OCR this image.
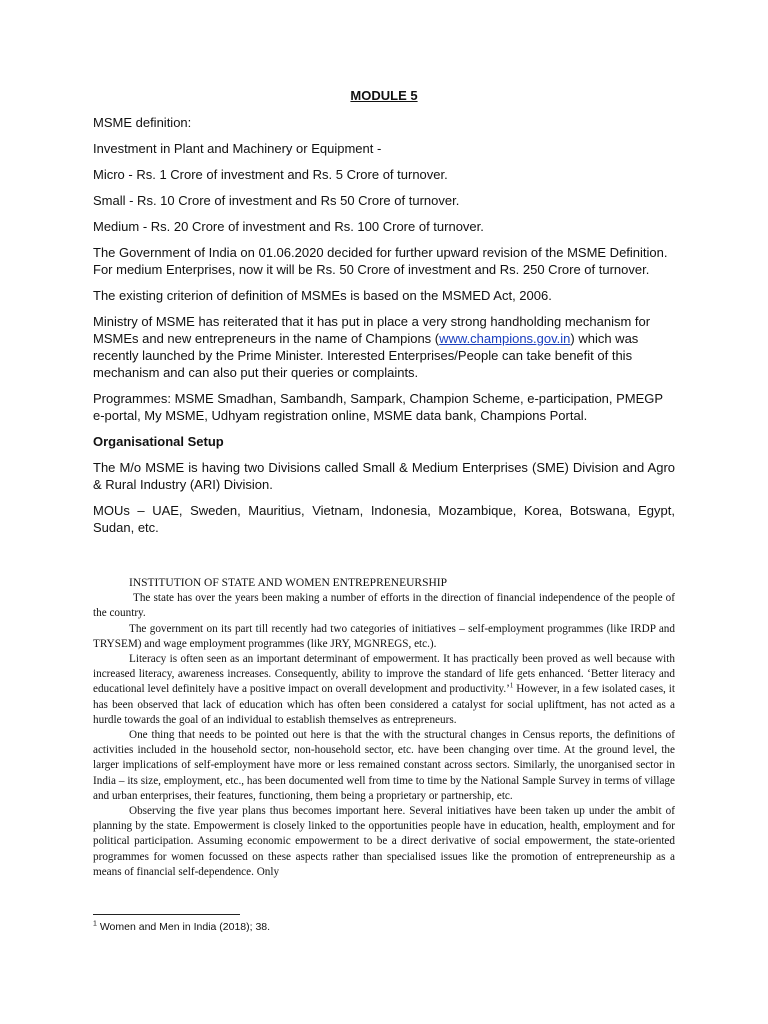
MODULE 5

MSME definition:

Investment in Plant and Machinery or Equipment -

Micro - Rs. 1 Crore of investment and Rs. 5 Crore of turnover.

Small - Rs. 10 Crore of investment and Rs 50 Crore of turnover.

Medium - Rs. 20 Crore of investment and Rs. 100 Crore of turnover.

The Government of India on 01.06.2020 decided for further upward revision of the MSME Definition. For medium Enterprises, now it will be Rs. 50 Crore of investment and Rs. 250 Crore of turnover.

The existing criterion of definition of MSMEs is based on the MSMED Act, 2006.

Ministry of MSME has reiterated that it has put in place a very strong handholding mechanism for MSMEs and new entrepreneurs in the name of Champions (www.champions.gov.in) which was recently launched by the Prime Minister. Interested Enterprises/People can take benefit of this mechanism and can also put their queries or complaints.

Programmes: MSME Smadhan, Sambandh, Sampark, Champion Scheme, e-participation, PMEGP e-portal, My MSME, Udhyam registration online, MSME data bank, Champions Portal.

Organisational Setup

The M/o MSME is having two Divisions called Small & Medium Enterprises (SME) Division and Agro & Rural Industry (ARI) Division.

MOUs – UAE, Sweden, Mauritius, Vietnam, Indonesia, Mozambique, Korea, Botswana, Egypt, Sudan, etc.

INSTITUTION OF STATE AND WOMEN ENTREPRENEURSHIP

The state has over the years been making a number of efforts in the direction of financial independence of the people of the country.

The government on its part till recently had two categories of initiatives – self-employment programmes (like IRDP and TRYSEM) and wage employment programmes (like JRY, MGNREGS, etc.).

Literacy is often seen as an important determinant of empowerment. It has practically been proved as well because with increased literacy, awareness increases. Consequently, ability to improve the standard of life gets enhanced. ‘Better literacy and educational level definitely have a positive impact on overall development and productivity.’$^1$ However, in a few isolated cases, it has been observed that lack of education which has often been considered a catalyst for social upliftment, has not acted as a hurdle towards the goal of an individual to establish themselves as entrepreneurs.

One thing that needs to be pointed out here is that the with the structural changes in Census reports, the definitions of activities included in the household sector, non-household sector, etc. have been changing over time. At the ground level, the larger implications of self-employment have more or less remained constant across sectors. Similarly, the unorganised sector in India – its size, employment, etc., has been documented well from time to time by the National Sample Survey in terms of village and urban enterprises, their features, functioning, them being a proprietary or partnership, etc.

Observing the five year plans thus becomes important here. Several initiatives have been taken up under the ambit of planning by the state. Empowerment is closely linked to the opportunities people have in education, health, employment and for political participation. Assuming economic empowerment to be a direct derivative of social empowerment, the state-oriented programmes for women focussed on these aspects rather than specialised issues like the promotion of entrepreneurship as a means of financial self-dependence. Only

$^1$ Women and Men in India (2018); 38.
